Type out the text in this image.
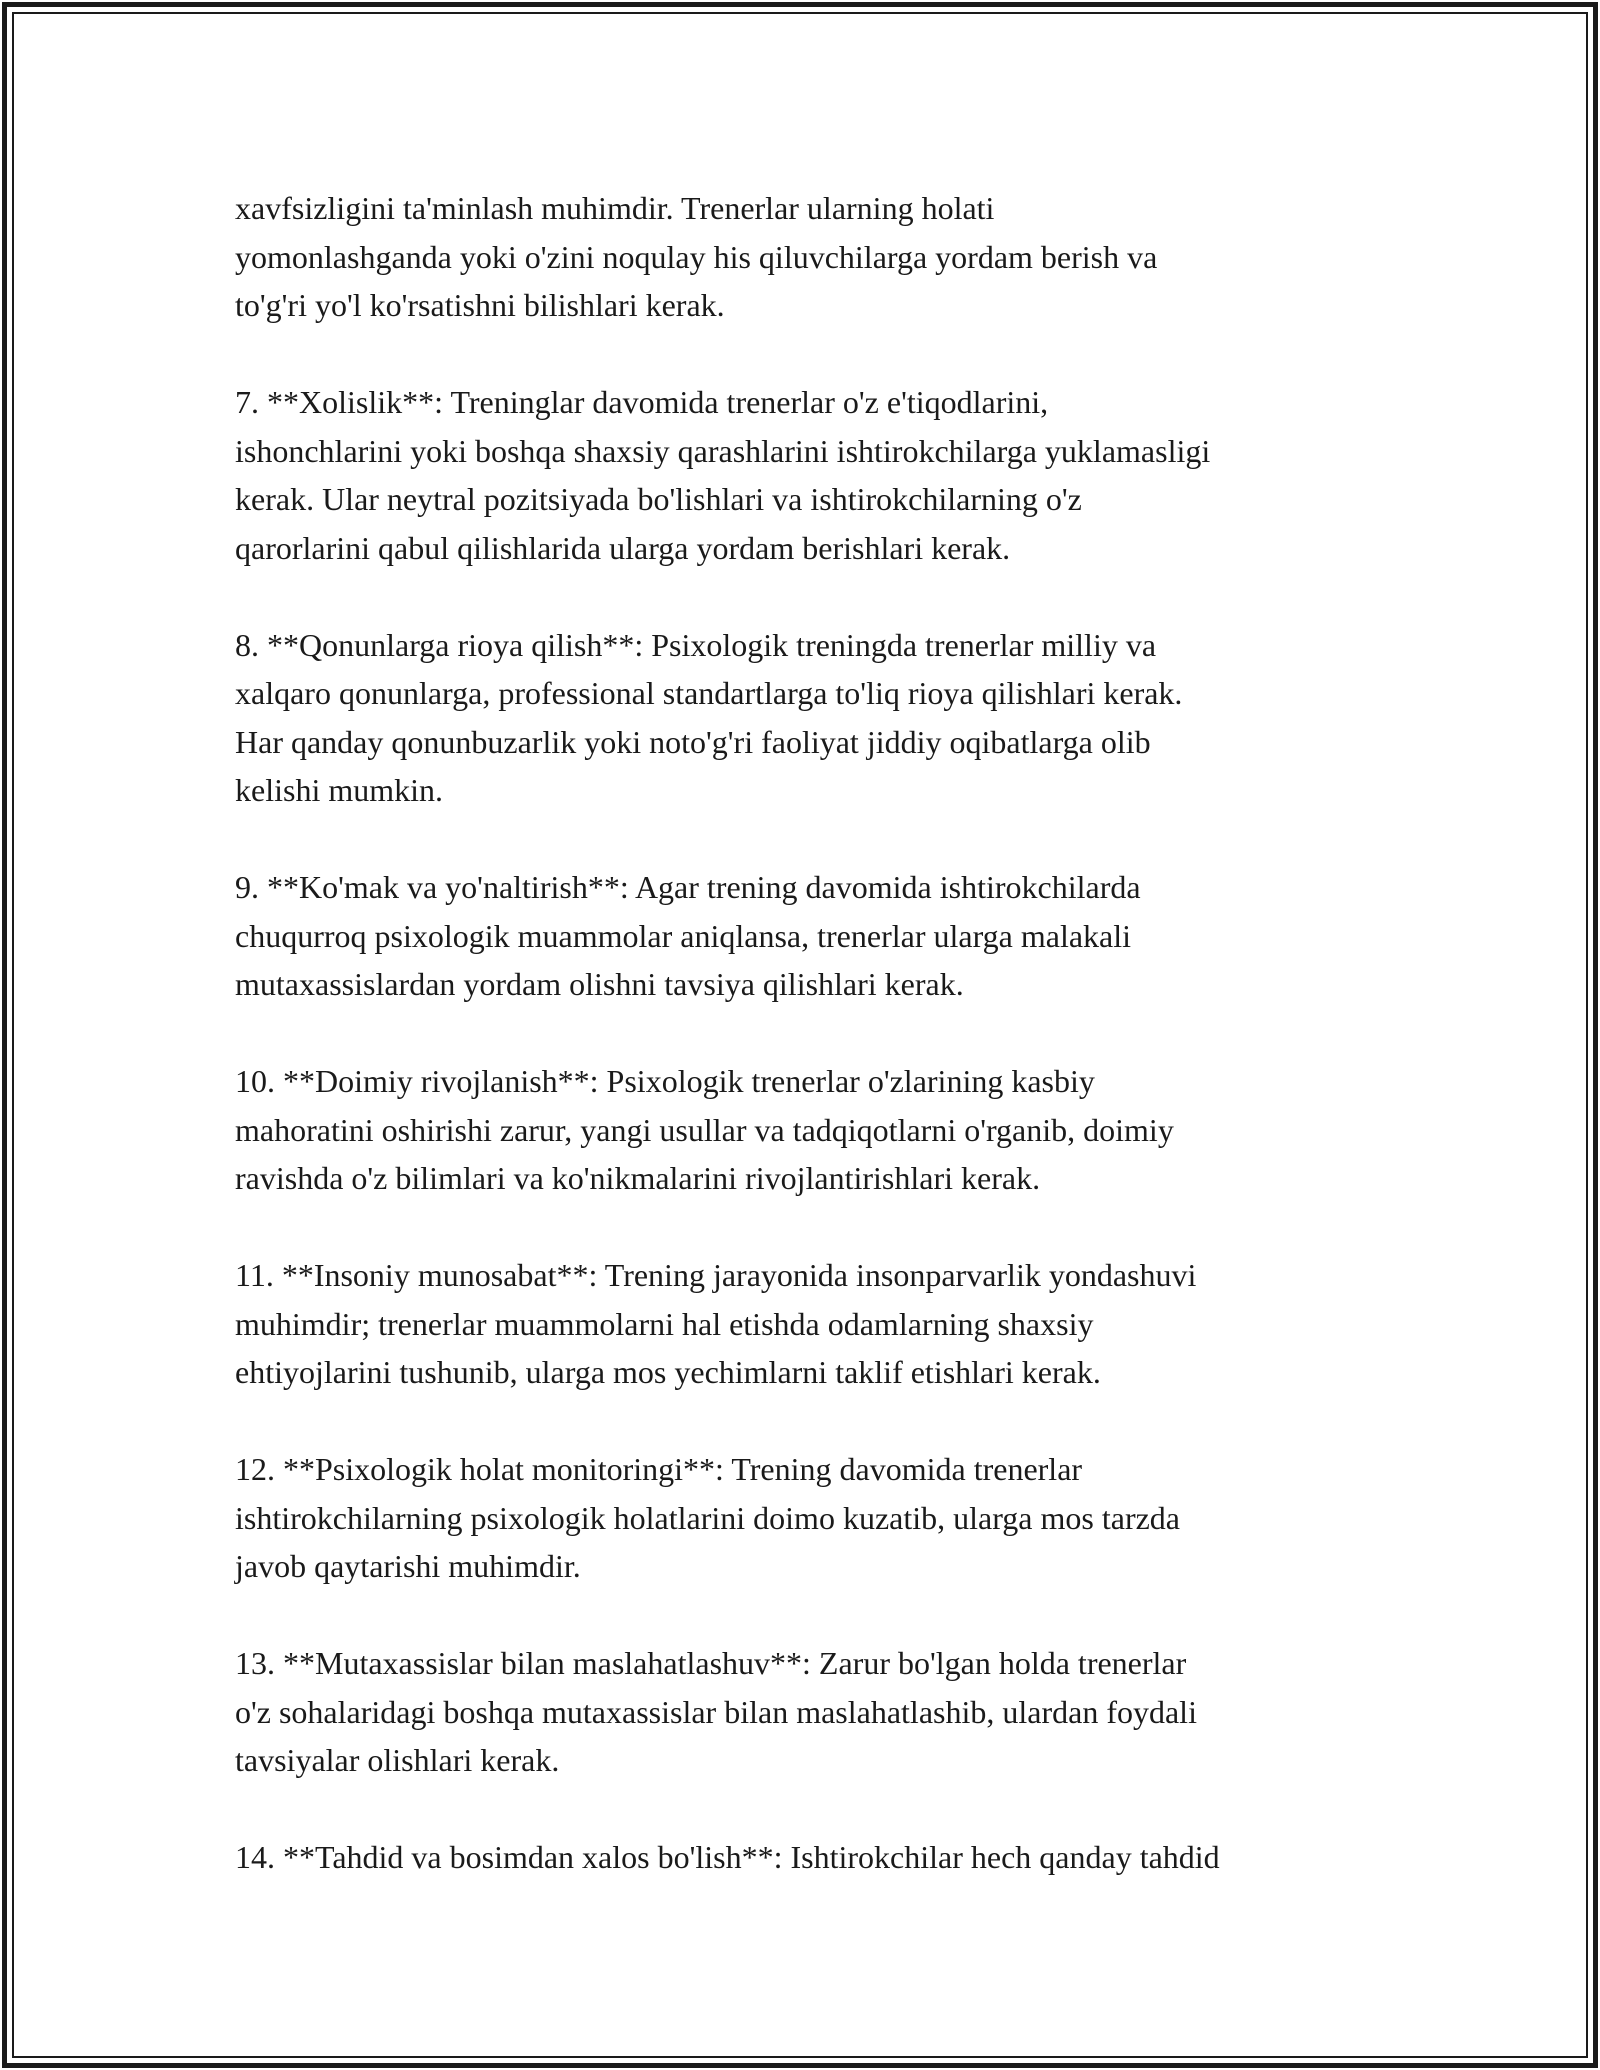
xavfsizligini ta'minlash muhimdir. Trenerlar ularning holati
yomonlashganda yoki o'zini noqulay his qiluvchilarga yordam berish va
to'g'ri yo'l ko'rsatishni bilishlari kerak.

7. **Xolislik**: Treninglar davomida trenerlar o'z e'tiqodlarini,
ishonchlarini yoki boshqa shaxsiy qarashlarini ishtirokchilarga yuklamasligi
kerak. Ular neytral pozitsiyada bo'lishlari va ishtirokchilarning o'z
qarorlarini qabul qilishlarida ularga yordam berishlari kerak.

8. **Qonunlarga rioya qilish**: Psixologik treningda trenerlar milliy va
xalqaro qonunlarga, professional standartlarga to'liq rioya qilishlari kerak.
Har qanday qonunbuzarlik yoki noto'g'ri faoliyat jiddiy oqibatlarga olib
kelishi mumkin.

9. **Ko'mak va yo'naltirish**: Agar trening davomida ishtirokchilarda
chuqurroq psixologik muammolar aniqlansa, trenerlar ularga malakali
mutaxassislardan yordam olishni tavsiya qilishlari kerak.

10. **Doimiy rivojlanish**: Psixologik trenerlar o'zlarining kasbiy
mahoratini oshirishi zarur, yangi usullar va tadqiqotlarni o'rganib, doimiy
ravishda o'z bilimlari va ko'nikmalarini rivojlantirishlari kerak.

11. **Insoniy munosabat**: Trening jarayonida insonparvarlik yondashuvi
muhimdir; trenerlar muammolarni hal etishda odamlarning shaxsiy
ehtiyojlarini tushunib, ularga mos yechimlarni taklif etishlari kerak.

12. **Psixologik holat monitoringi**: Trening davomida trenerlar
ishtirokchilarning psixologik holatlarini doimo kuzatib, ularga mos tarzda
javob qaytarishi muhimdir.

13. **Mutaxassislar bilan maslahatlashuv**: Zarur bo'lgan holda trenerlar
o'z sohalaridagi boshqa mutaxassislar bilan maslahatlashib, ulardan foydali
tavsiyalar olishlari kerak.

14. **Tahdid va bosimdan xalos bo'lish**: Ishtirokchilar hech qanday tahdid
